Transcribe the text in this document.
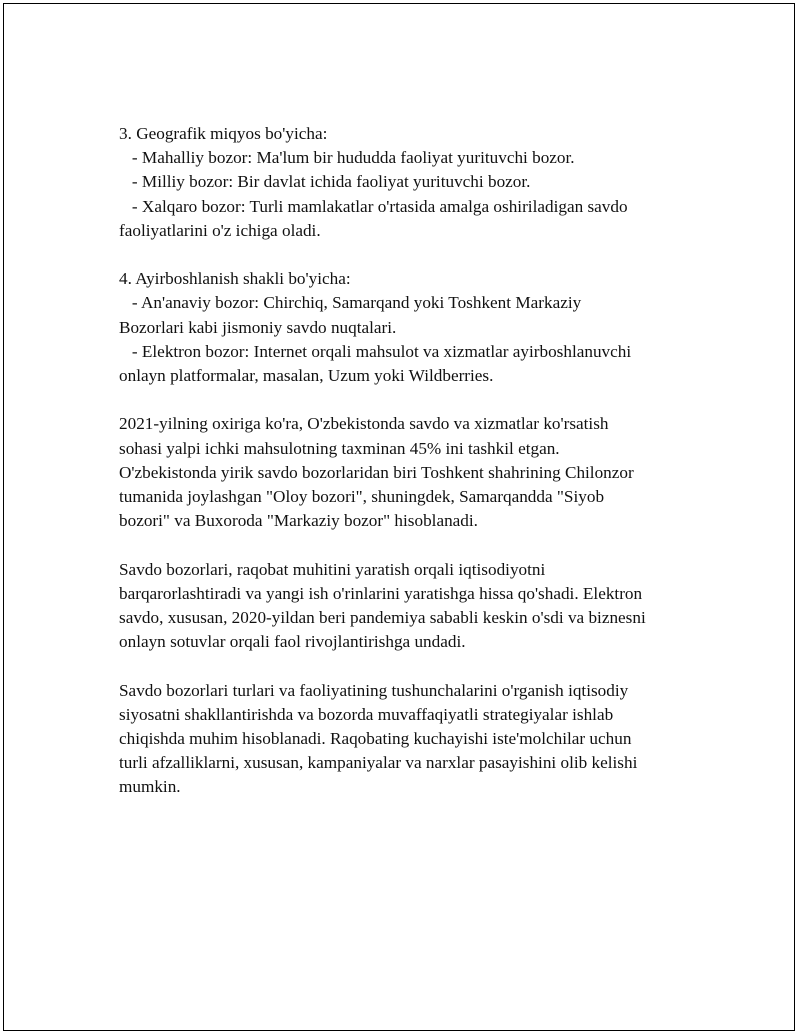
3. Geografik miqyos bo'yicha:
- Mahalliy bozor: Ma'lum bir hududda faoliyat yurituvchi bozor.
- Milliy bozor: Bir davlat ichida faoliyat yurituvchi bozor.
- Xalqaro bozor: Turli mamlakatlar o'rtasida amalga oshiriladigan savdo
faoliyatlarini o'z ichiga oladi.
4. Ayirboshlanish shakli bo'yicha:
- An'anaviy bozor: Chirchiq, Samarqand yoki Toshkent Markaziy
Bozorlari kabi jismoniy savdo nuqtalari.
- Elektron bozor: Internet orqali mahsulot va xizmatlar ayirboshlanuvchi
onlayn platformalar, masalan, Uzum yoki Wildberries.
2021-yilning oxiriga ko'ra, O'zbekistonda savdo va xizmatlar ko'rsatish
sohasi yalpi ichki mahsulotning taxminan 45% ini tashkil etgan.
O'zbekistonda yirik savdo bozorlaridan biri Toshkent shahrining Chilonzor
tumanida joylashgan "Oloy bozori", shuningdek, Samarqandda "Siyob
bozori" va Buxoroda "Markaziy bozor" hisoblanadi.
Savdo bozorlari, raqobat muhitini yaratish orqali iqtisodiyotni
barqarorlashtiradi va yangi ish o'rinlarini yaratishga hissa qo'shadi. Elektron
savdo, xususan, 2020-yildan beri pandemiya sababli keskin o'sdi va biznesni
onlayn sotuvlar orqali faol rivojlantirishga undadi.
Savdo bozorlari turlari va faoliyatining tushunchalarini o'rganish iqtisodiy
siyosatni shakllantirishda va bozorda muvaffaqiyatli strategiyalar ishlab
chiqishda muhim hisoblanadi. Raqobating kuchayishi iste'molchilar uchun
turli afzalliklarni, xususan, kampaniyalar va narxlar pasayishini olib kelishi
mumkin.
